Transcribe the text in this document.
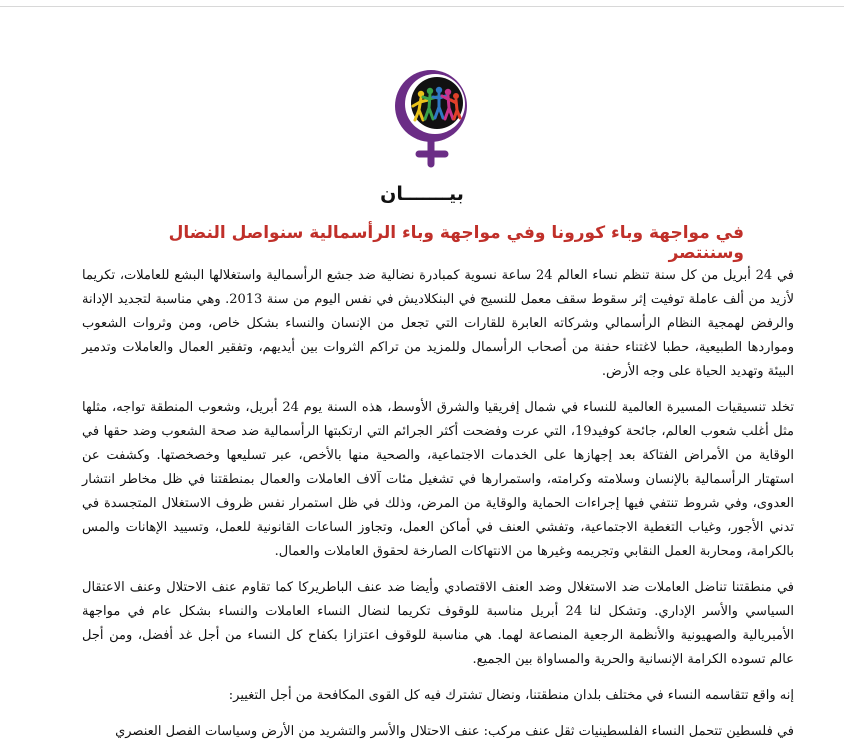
بيـــــــان
في مواجهة وباء كورونا وفي مواجهة وباء الرأسمالية سنواصل النضال وسننتصر

في 24 أبريل من كل سنة تنظم نساء العالم 24 ساعة نسوية كمبادرة نضالية ضد جشع الرأسمالية واستغلالها البشع للعاملات، تكريما لأزيد من ألف عاملة توفيت إثر سقوط سقف معمل للنسيج في البنكلاديش في نفس اليوم من سنة 2013. وهي مناسبة لتجديد الإدانة والرفض لهمجية النظام الرأسمالي وشركاته العابرة للقارات التي تجعل من الإنسان والنساء بشكل خاص، ومن وثروات الشعوب ومواردها الطبيعية، حطبا لاغتناء حفنة من أصحاب الرأسمال وللمزيد من تراكم الثروات بين أيديهم، وتفقير العمال والعاملات وتدمير البيئة وتهديد الحياة على وجه الأرض.

تخلد تنسيقيات المسيرة العالمية للنساء في شمال إفريقيا والشرق الأوسط، هذه السنة يوم 24 أبريل، وشعوب المنطقة تواجه، مثلها مثل أغلب شعوب العالم، جائحة كوفيد19، التي عرت وفضحت أكثر الجرائم التي ارتكبتها الرأسمالية ضد صحة الشعوب وضد حقها في الوقاية من الأمراض الفتاكة بعد إجهازها على الخدمات الاجتماعية، والصحية منها بالأخص، عبر تسليعها وخصخصتها. وكشفت عن استهتار الرأسمالية بالإنسان وسلامته وكرامته، واستمرارها في تشغيل مئات آلاف العاملات والعمال بمنطقتنا في ظل مخاطر انتشار العدوى، وفي شروط تنتفي فيها إجراءات الحماية والوقاية من المرض، وذلك في ظل استمرار نفس ظروف الاستغلال المتجسدة في تدني الأجور، وغياب التغطية الاجتماعية، وتفشي العنف في أماكن العمل، وتجاوز الساعات القانونية للعمل، وتسييد الإهانات والمس بالكرامة، ومحاربة العمل النقابي وتجريمه وغيرها من الانتهاكات الصارخة لحقوق العاملات والعمال.

في منطقتنا تناضل العاملات ضد الاستغلال وضد العنف الاقتصادي وأيضا ضد عنف الباطريركا كما تقاوم عنف الاحتلال وعنف الاعتقال السياسي والأسر الإداري. وتشكل لنا 24 أبريل مناسبة للوقوف تكريما لنضال النساء العاملات والنساء بشكل عام في مواجهة الأمبريالية والصهيونية والأنظمة الرجعية المنصاعة لهما. هي مناسبة للوقوف اعتزازا بكفاح كل النساء من أجل غد أفضل، ومن أجل عالم تسوده الكرامة الإنسانية والحرية والمساواة بين الجميع.

إنه واقع تتقاسمه النساء في مختلف بلدان منطقتنا، ونضال تشترك فيه كل القوى المكافحة من أجل التغيير:

في فلسطين تتحمل النساء الفلسطينيات ثقل عنف مركب: عنف الاحتلال والأسر والتشريد من الأرض وسياسات الفصل العنصري
